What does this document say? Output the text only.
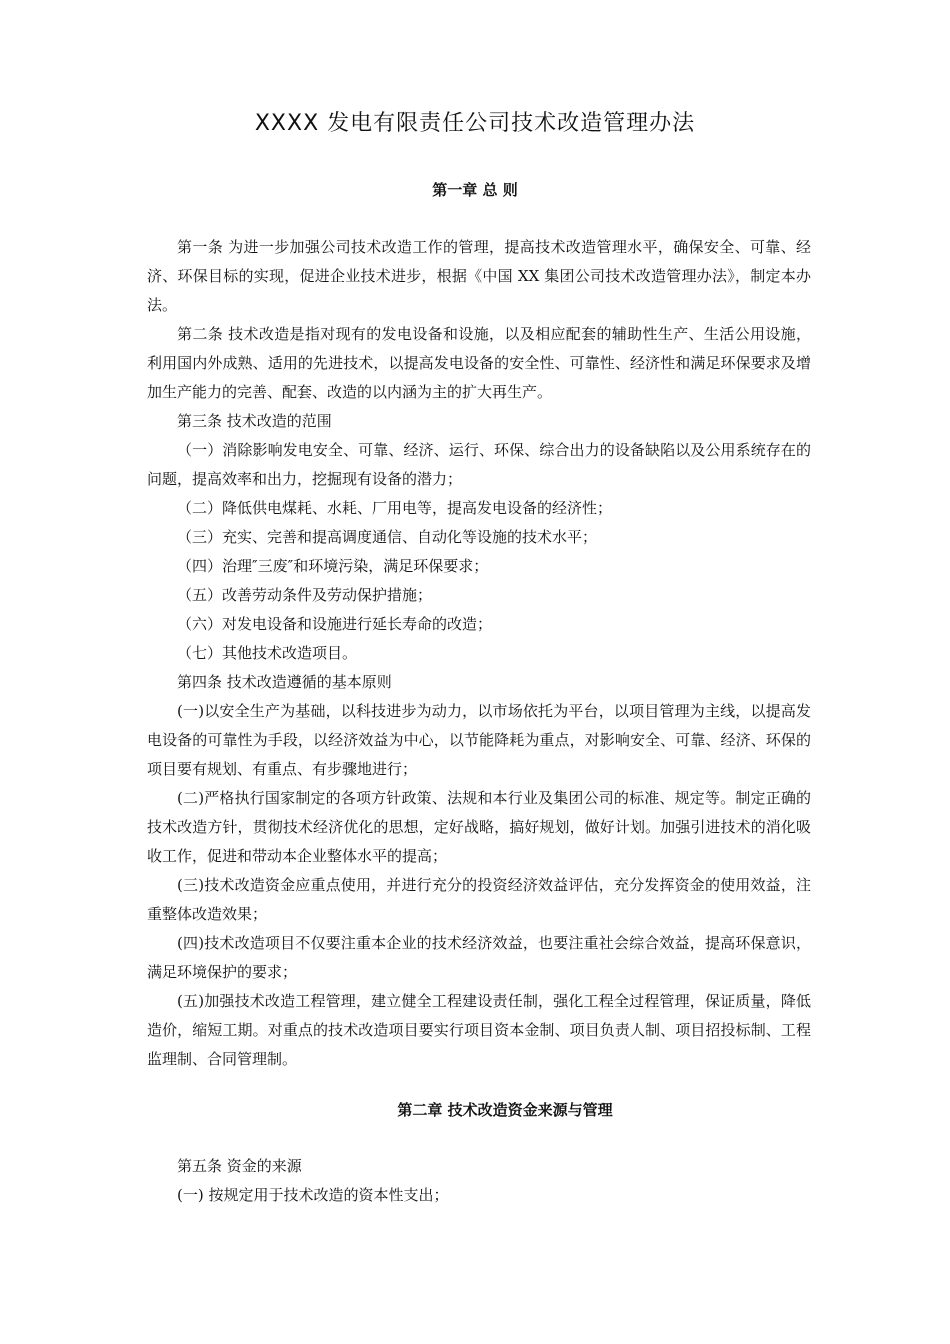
XXXX 发电有限责任公司技术改造管理办法
第一章 总 则

第一条 为进一步加强公司技术改造工作的管理，提高技术改造管理水平，确保安全、可靠、经济、环保目标的实现，促进企业技术进步，根据《中国 XX 集团公司技术改造管理办法》，制定本办法。

第二条 技术改造是指对现有的发电设备和设施，以及相应配套的辅助性生产、生活公用设施，利用国内外成熟、适用的先进技术，以提高发电设备的安全性、可靠性、经济性和满足环保要求及增加生产能力的完善、配套、改造的以内涵为主的扩大再生产。

第三条 技术改造的范围

（一）消除影响发电安全、可靠、经济、运行、环保、综合出力的设备缺陷以及公用系统存在的问题，提高效率和出力，挖掘现有设备的潜力；

（二）降低供电煤耗、水耗、厂用电等，提高发电设备的经济性；

（三）充实、完善和提高调度通信、自动化等设施的技术水平；

（四）治理″三废″和环境污染，满足环保要求；

（五）改善劳动条件及劳动保护措施；

（六）对发电设备和设施进行延长寿命的改造；

（七）其他技术改造项目。

第四条 技术改造遵循的基本原则

(一)以安全生产为基础，以科技进步为动力，以市场依托为平台，以项目管理为主线，以提高发电设备的可靠性为手段，以经济效益为中心，以节能降耗为重点，对影响安全、可靠、经济、环保的项目要有规划、有重点、有步骤地进行；

(二)严格执行国家制定的各项方针政策、法规和本行业及集团公司的标准、规定等。制定正确的技术改造方针，贯彻技术经济优化的思想，定好战略，搞好规划，做好计划。加强引进技术的消化吸收工作，促进和带动本企业整体水平的提高；

(三)技术改造资金应重点使用，并进行充分的投资经济效益评估，充分发挥资金的使用效益，注重整体改造效果；

(四)技术改造项目不仅要注重本企业的技术经济效益，也要注重社会综合效益，提高环保意识，满足环境保护的要求；

(五)加强技术改造工程管理，建立健全工程建设责任制，强化工程全过程管理，保证质量，降低造价，缩短工期。对重点的技术改造项目要实行项目资本金制、项目负责人制、项目招投标制、工程监理制、合同管理制。

第二章 技术改造资金来源与管理

第五条 资金的来源

(一) 按规定用于技术改造的资本性支出；
